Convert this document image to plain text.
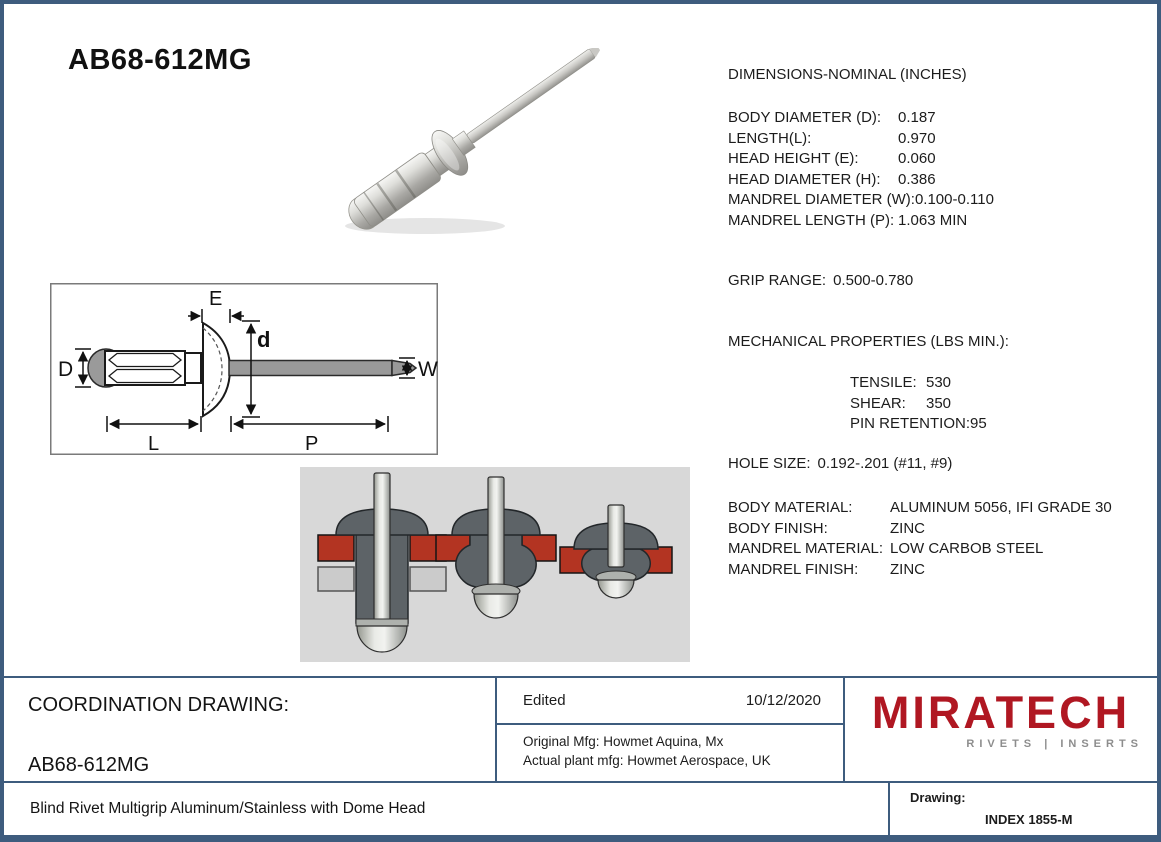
AB68-612MG
D
E
d
W
L	P
DIMENSIONS-NOMINAL (INCHES)
BODY DIAMETER (D):	0.187
LENGTH(L):	0.970
HEAD HEIGHT (E):	0.060
HEAD DIAMETER (H):	0.386
MANDREL DIAMETER (W): 0.100-0.110
MANDREL LENGTH (P): 1.063 MIN
GRIP RANGE: 0.500-0.780
MECHANICAL PROPERTIES (LBS MIN.):
TENSILE: 530
SHEAR:	350
PIN RETENTION: 95
HOLE SIZE: 0.192-.201 (#11, #9)
BODY MATERIAL:	ALUMINUM 5056, IFI GRADE 30
BODY FINISH:	ZINC
MANDREL MATERIAL: LOW CARBOB STEEL
MANDREL FINISH:	ZINC
COORDINATION DRAWING:
AB68-612MG
Edited	10/12/2020
Original Mfg: Howmet Aquina, Mx
Actual plant mfg: Howmet Aerospace, UK
MIRATECH
RIVETS | INSERTS
Blind Rivet Multigrip Aluminum/Stainless with Dome Head
Drawing:
INDEX 1855-M
